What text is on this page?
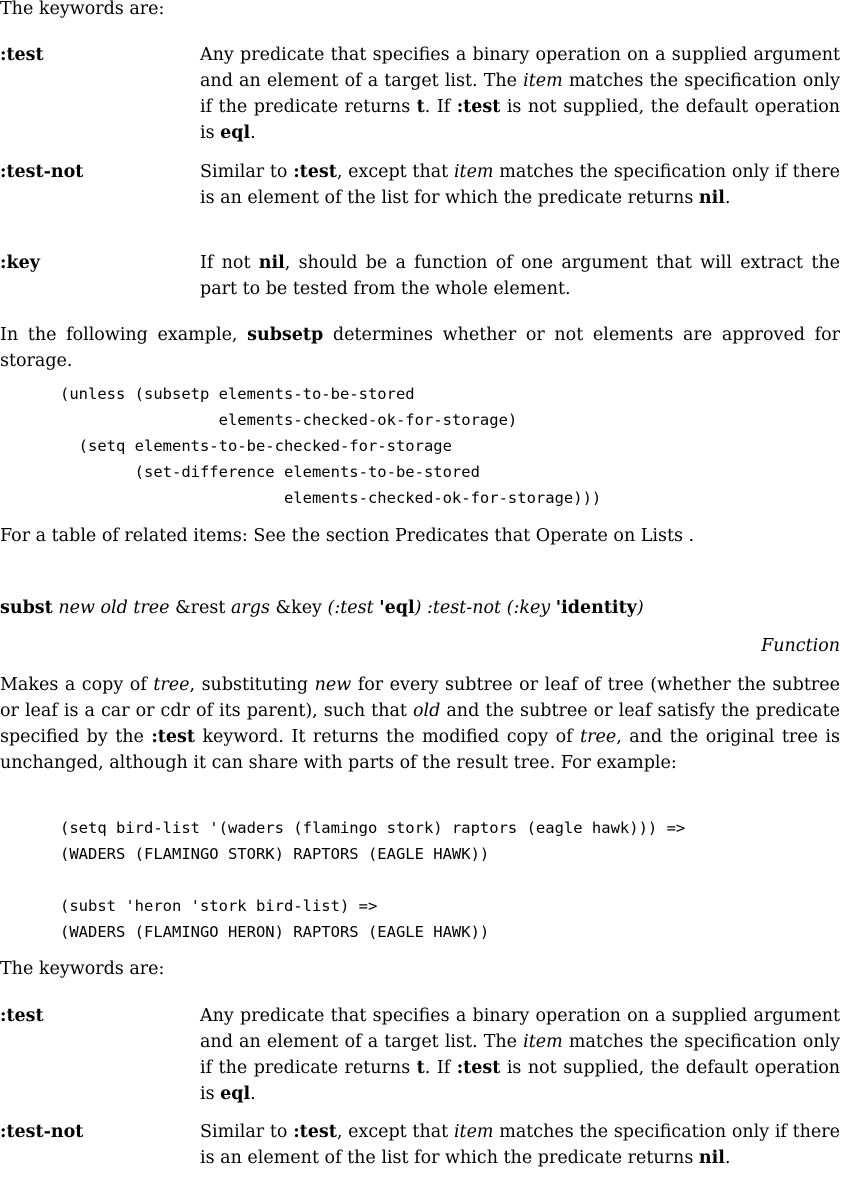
The keywords are:
:test	Any predicate that specifies a binary operation on a supplied argument and an element of a target list. The item matches the specification only if the predicate returns t. If :test is not supplied, the default operation is eql.
:test-not	Similar to :test, except that item matches the specification only if there is an element of the list for which the predicate returns nil.
:key	If not nil, should be a function of one argument that will extract the part to be tested from the whole element.
In the following example, subsetp determines whether or not elements are approved for storage.
(unless (subsetp elements-to-be-stored
elements-checked-ok-for-storage)
(setq elements-to-be-checked-for-storage
(set-difference elements-to-be-stored
elements-checked-ok-for-storage)))
For a table of related items: See the section Predicates that Operate on Lists .
subst new old tree &rest args &key (:test 'eql) :test-not (:key 'identity)
Function
Makes a copy of tree, substituting new for every subtree or leaf of tree (whether the subtree or leaf is a car or cdr of its parent), such that old and the subtree or leaf satisfy the predicate specified by the :test keyword. It returns the modified copy of tree, and the original tree is unchanged, although it can share with parts of the result tree. For example:
(setq bird-list '(waders (flamingo stork) raptors (eagle hawk))) =>
(WADERS (FLAMINGO STORK) RAPTORS (EAGLE HAWK))

(subst 'heron 'stork bird-list) =>
(WADERS (FLAMINGO HERON) RAPTORS (EAGLE HAWK))
The keywords are:
:test	Any predicate that specifies a binary operation on a supplied argument and an element of a target list. The item matches the specification only if the predicate returns t. If :test is not supplied, the default operation is eql.
:test-not	Similar to :test, except that item matches the specification only if there is an element of the list for which the predicate returns nil.
